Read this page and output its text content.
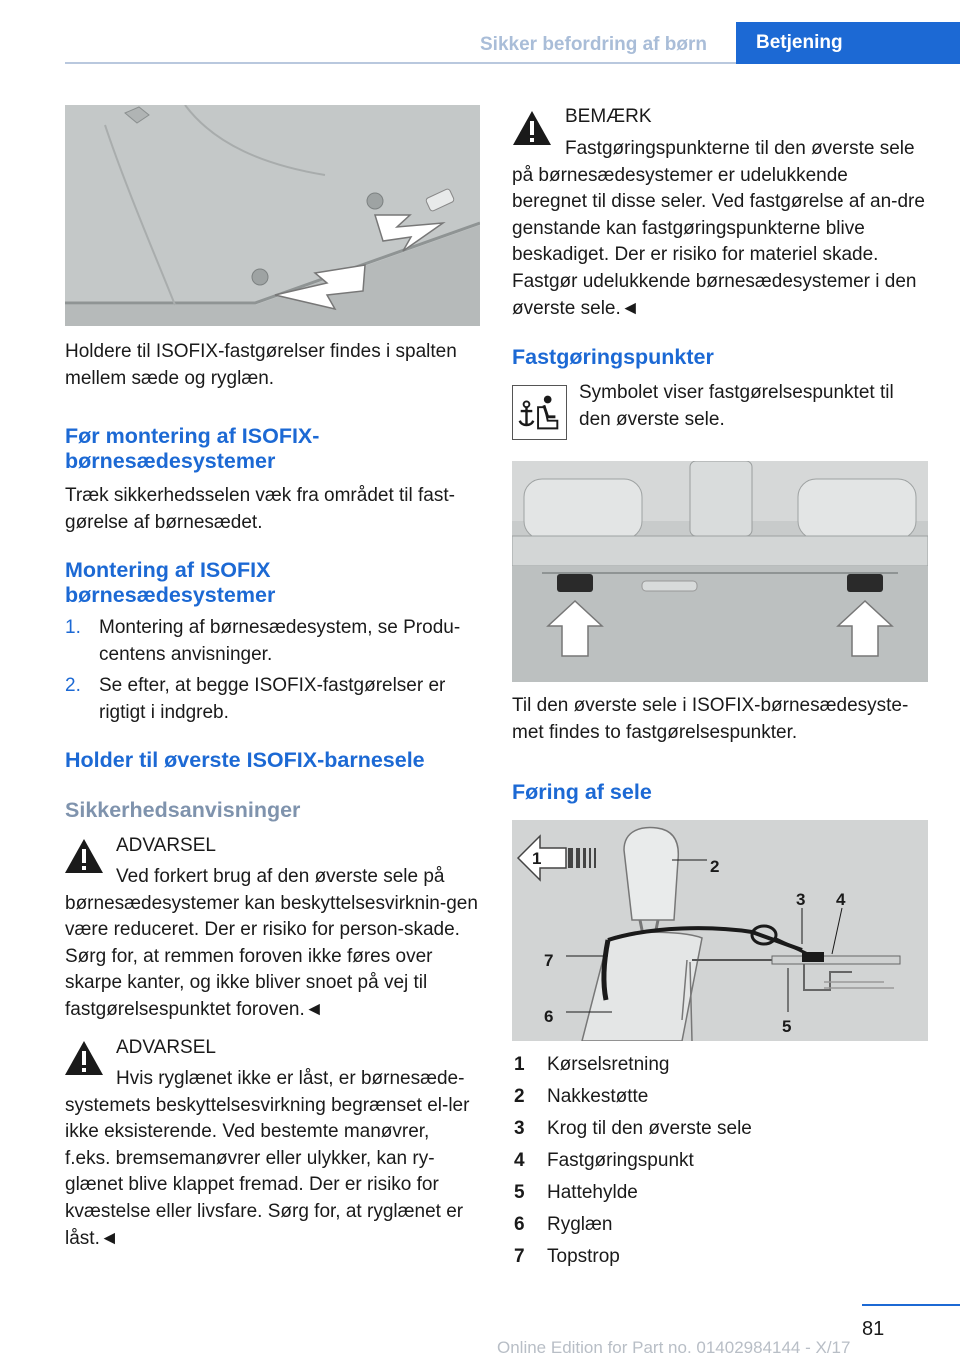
Sikker befordring af børn	Betjening
Holdere til ISOFIX-fastgørelser findes i spalten mellem sæde og ryglæn.
Før montering af ISOFIX-børnesædesystemer
Træk sikkerhedsselen væk fra området til fast-gørelse af børnesædet.
Montering af ISOFIX børnesædesystemer
1. Montering af børnesædesystem, se Produ-centens anvisninger.
2. Se efter, at begge ISOFIX-fastgørelser er rigtigt i indgreb.
Holder til øverste ISOFIX-barnesele
Sikkerhedsanvisninger
ADVARSEL
Ved forkert brug af den øverste sele på børnesædesystemer kan beskyttelsesvirknin-gen være reduceret. Der er risiko for person-skade. Sørg for, at remmen foroven ikke føres over skarpe kanter, og ikke bliver snoet på vej til fastgørelsespunktet foroven.◄
ADVARSEL
Hvis ryglænet ikke er låst, er børnesæde-systemets beskyttelsesvirkning begrænset el-ler ikke eksisterende. Ved bestemte manøvrer, f.eks. bremsemanøvrer eller ulykker, kan ry-glænet blive klappet fremad. Der er risiko for kvæstelse eller livsfare. Sørg for, at ryglænet er låst.◄
BEMÆRK
Fastgøringspunkterne til den øverste sele på børnesædesystemer er udelukkende beregnet til disse seler. Ved fastgørelse af an-dre genstande kan fastgøringspunkterne blive beskadiget. Der er risiko for materiel skade. Fastgør udelukkende børnesædesystemer i den øverste sele.◄
Fastgøringspunkter
Symbolet viser fastgørelsespunktet til den øverste sele.
Til den øverste sele i ISOFIX-børnesædesyste-met findes to fastgørelsespunkter.
Føring af sele
1	2
3 4
5
6
7
1 Kørselsretning
2 Nakkestøtte
3 Krog til den øverste sele
4 Fastgøringspunkt
5 Hattehylde
6 Ryglæn
7 Topstrop
81
Online Edition for Part no. 01402984144 - X/17
